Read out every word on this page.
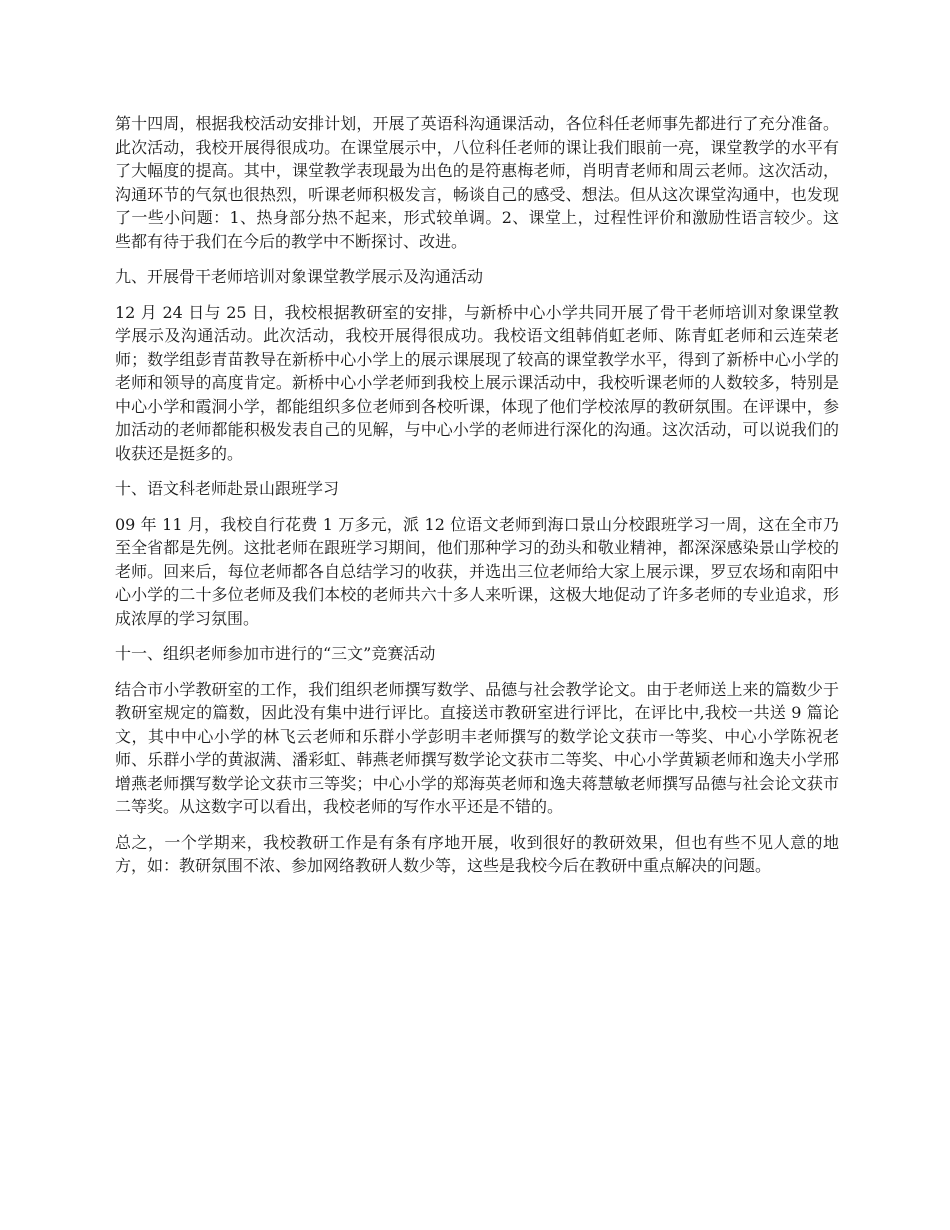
第十四周，根据我校活动安排计划，开展了英语科沟通课活动，各位科任老师事先都进行了充分准备。此次活动，我校开展得很成功。在课堂展示中，八位科任老师的课让我们眼前一亮，课堂教学的水平有了大幅度的提高。其中，课堂教学表现最为出色的是符惠梅老师，肖明青老师和周云老师。这次活动，沟通环节的气氛也很热烈，听课老师积极发言，畅谈自己的感受、想法。但从这次课堂沟通中，也发现了一些小问题：1、热身部分热不起来，形式较单调。2、课堂上，过程性评价和激励性语言较少。这些都有待于我们在今后的教学中不断探讨、改进。

九、开展骨干老师培训对象课堂教学展示及沟通活动

12 月 24 日与 25 日，我校根据教研室的安排，与新桥中心小学共同开展了骨干老师培训对象课堂教学展示及沟通活动。此次活动，我校开展得很成功。我校语文组韩俏虹老师、陈青虹老师和云连荣老师；数学组彭青苗教导在新桥中心小学上的展示课展现了较高的课堂教学水平，得到了新桥中心小学的老师和领导的高度肯定。新桥中心小学老师到我校上展示课活动中，我校听课老师的人数较多，特别是中心小学和霞洞小学，都能组织多位老师到各校听课，体现了他们学校浓厚的教研氛围。在评课中，参加活动的老师都能积极发表自己的见解，与中心小学的老师进行深化的沟通。这次活动，可以说我们的收获还是挺多的。

十、语文科老师赴景山跟班学习

09 年 11 月，我校自行花费 1 万多元，派 12 位语文老师到海口景山分校跟班学习一周，这在全市乃至全省都是先例。这批老师在跟班学习期间，他们那种学习的劲头和敬业精神，都深深感染景山学校的老师。回来后，每位老师都各自总结学习的收获，并选出三位老师给大家上展示课，罗豆农场和南阳中心小学的二十多位老师及我们本校的老师共六十多人来听课，这极大地促动了许多老师的专业追求，形成浓厚的学习氛围。

十一、组织老师参加市进行的“三文”竞赛活动

结合市小学教研室的工作，我们组织老师撰写数学、品德与社会教学论文。由于老师送上来的篇数少于教研室规定的篇数，因此没有集中进行评比。直接送市教研室进行评比，在评比中,我校一共送 9 篇论文，其中中心小学的林飞云老师和乐群小学彭明丰老师撰写的数学论文获市一等奖、中心小学陈祝老师、乐群小学的黄淑满、潘彩虹、韩燕老师撰写数学论文获市二等奖、中心小学黄颖老师和逸夫小学邢增燕老师撰写数学论文获市三等奖；中心小学的郑海英老师和逸夫蒋慧敏老师撰写品德与社会论文获市二等奖。从这数字可以看出，我校老师的写作水平还是不错的。

总之，一个学期来，我校教研工作是有条有序地开展，收到很好的教研效果，但也有些不见人意的地方，如：教研氛围不浓、参加网络教研人数少等，这些是我校今后在教研中重点解决的问题。
